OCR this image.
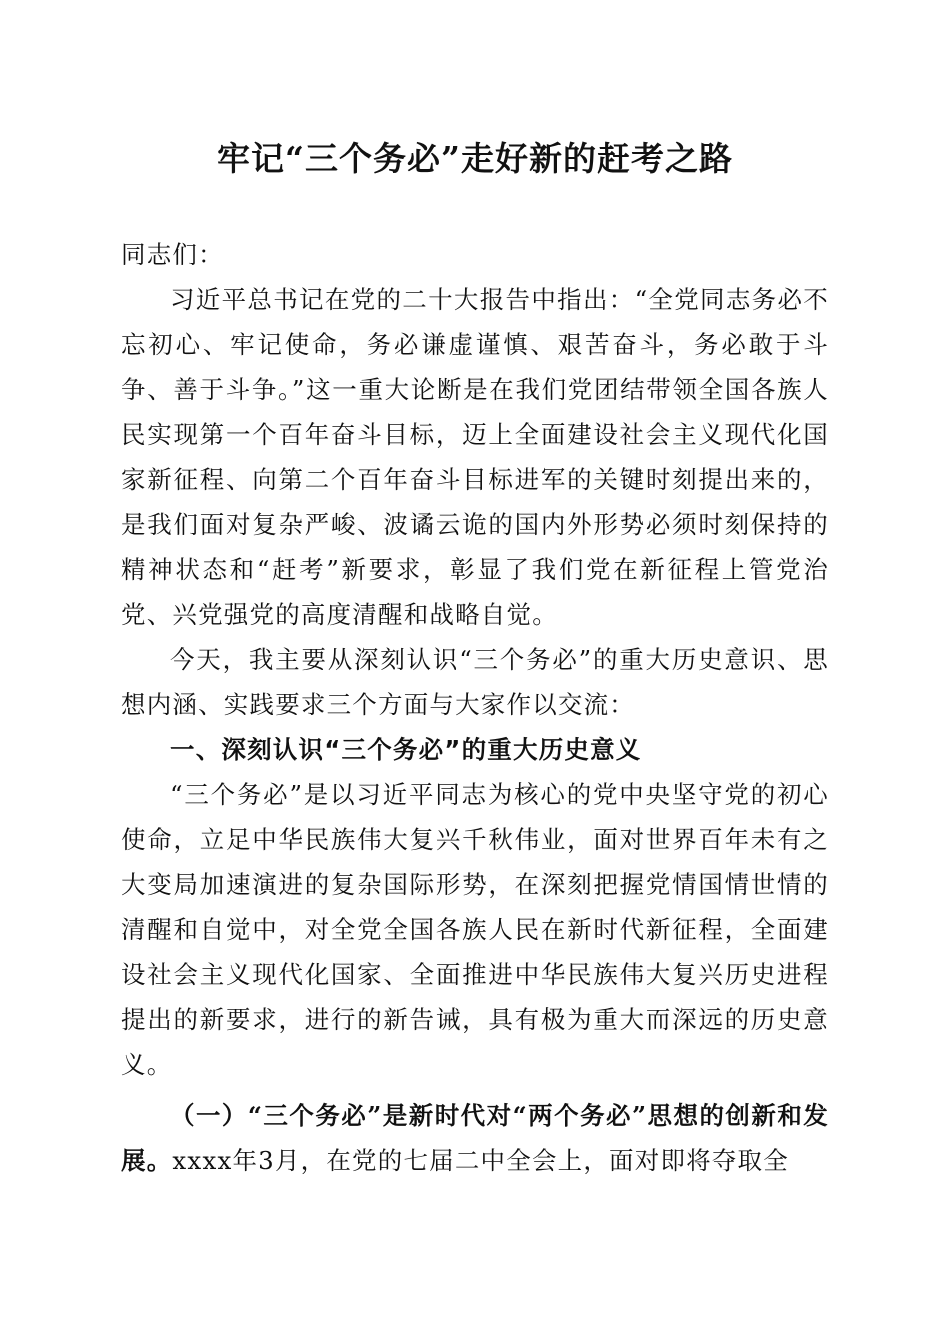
牢记“三个务必”走好新的赶考之路

同志们：

习近平总书记在党的二十大报告中指出：“全党同志务必不忘初心、牢记使命，务必谦虚谨慎、艰苦奋斗，务必敢于斗争、善于斗争。”这一重大论断是在我们党团结带领全国各族人民实现第一个百年奋斗目标，迈上全面建设社会主义现代化国家新征程、向第二个百年奋斗目标进军的关键时刻提出来的，是我们面对复杂严峻、波谲云诡的国内外形势必须时刻保持的精神状态和“赶考”新要求，彰显了我们党在新征程上管党治党、兴党强党的高度清醒和战略自觉。

今天，我主要从深刻认识“三个务必”的重大历史意识、思想内涵、实践要求三个方面与大家作以交流：

一、深刻认识“三个务必”的重大历史意义

“三个务必”是以习近平同志为核心的党中央坚守党的初心使命，立足中华民族伟大复兴千秋伟业，面对世界百年未有之大变局加速演进的复杂国际形势，在深刻把握党情国情世情的清醒和自觉中，对全党全国各族人民在新时代新征程，全面建设社会主义现代化国家、全面推进中华民族伟大复兴历史进程提出的新要求，进行的新告诫，具有极为重大而深远的历史意义。

（一）“三个务必”是新时代对“两个务必”思想的创新和发展。xxxx年3月，在党的七届二中全会上，面对即将夺取全
